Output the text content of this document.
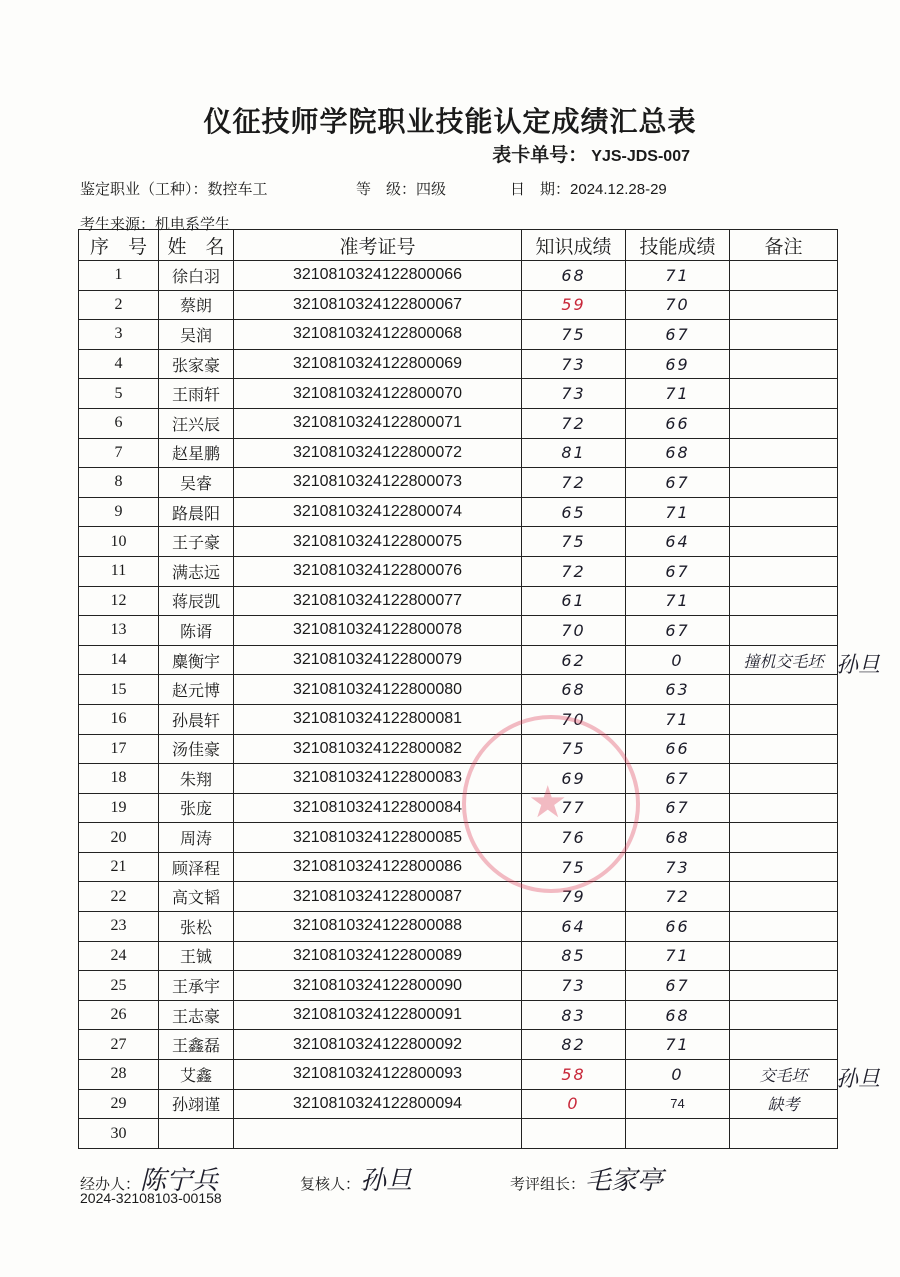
仪征技师学院职业技能认定成绩汇总表
表卡单号： YJS-JDS-007
鉴定职业（工种）：数控车工	等　级：四级	日　期：2024.12.28-29
考生来源：机电系学生
序　号	姓　名	准考证号	知识成绩	技能成绩	备注
1	徐白羽	3210810324122800066	68	71	
2	蔡朗	3210810324122800067	59	70	
3	吴润	3210810324122800068	75	67	
4	张家豪	3210810324122800069	73	69	
5	王雨轩	3210810324122800070	73	71	
6	汪兴辰	3210810324122800071	72	66	
7	赵星鹏	3210810324122800072	81	68	
8	吴睿	3210810324122800073	72	67	
9	路晨阳	3210810324122800074	65	71	
10	王子豪	3210810324122800075	75	64	
11	满志远	3210810324122800076	72	67	
12	蒋辰凯	3210810324122800077	61	71	
13	陈谞	3210810324122800078	70	67	
14	麋衡宇	3210810324122800079	62	0	撞机交毛坯
15	赵元博	3210810324122800080	68	63	
16	孙晨轩	3210810324122800081	70	71	
17	汤佳豪	3210810324122800082	75	66	
18	朱翔	3210810324122800083	69	67	
19	张庞	3210810324122800084	77	67	
20	周涛	3210810324122800085	76	68	
21	顾泽程	3210810324122800086	75	73	
22	高文韬	3210810324122800087	79	72	
23	张松	3210810324122800088	64	66	
24	王铖	3210810324122800089	85	71	
25	王承宇	3210810324122800090	73	67	
26	王志豪	3210810324122800091	83	68	
27	王鑫磊	3210810324122800092	82	71	
28	艾鑫	3210810324122800093	58	0	交毛坯
29	孙翊谨	3210810324122800094	0	74	缺考
30					
★
孙旦
孙旦
经办人：陈宁兵	复核人：孙旦	考评组长：毛家亭
2024-32108103-00158
